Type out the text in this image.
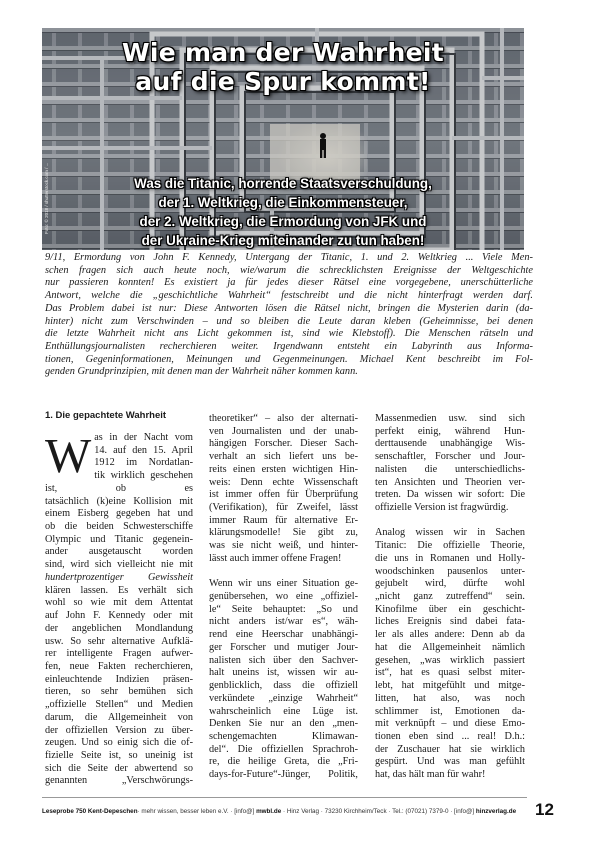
Wie man der Wahrheit
auf die Spur kommt!
Was die Titanic, horrende Staatsverschuldung,
der 1. Weltkrieg, die Einkommensteuer,
der 2. Weltkrieg, die Ermordung von JFK und
der Ukraine-Krieg miteinander zu tun haben!
Foto: © 2018 / shutterstock.com / ...

9/11, Ermordung von John F. Kennedy, Untergang der Titanic, 1. und 2. Weltkrieg ... Viele Men-
schen fragen sich auch heute noch, wie/warum die schrecklichsten Ereignisse der Weltgeschichte
nur passieren konnten! Es existiert ja für jedes dieser Rätsel eine vorgegebene, unerschütterliche
Antwort, welche die „geschichtliche Wahrheit“ festschreibt und die nicht hinterfragt werden darf.
Das Problem dabei ist nur: Diese Antworten lösen die Rätsel nicht, bringen die Mysterien darin (da-
hinter) nicht zum Verschwinden – und so bleiben die Leute daran kleben (Geheimnisse, bei denen
die letzte Wahrheit nicht ans Licht gekommen ist, sind wie Klebstoff). Die Menschen rätseln und
Enthüllungsjournalisten recherchieren weiter. Irgendwann entsteht ein Labyrinth aus Informa-
tionen, Gegeninformationen, Meinungen und Gegenmeinungen. Michael Kent beschreibt im Fol-
genden Grundprinzipien, mit denen man der Wahrheit näher kommen kann.

1. Die gepachtete Wahrheit
W as in der Nacht vom
14. auf den 15. April
1912 im Nordatlan-
tik wirklich geschehen ist, ob es
tatsächlich (k)eine Kollision mit
einem Eisberg gegeben hat und
ob die beiden Schwesterschiffe
Olympic und Titanic gegenein-
ander ausgetauscht worden
sind, wird sich vielleicht nie mit
hundertprozentiger Gewissheit
klären lassen. Es verhält sich
wohl so wie mit dem Attentat
auf John F. Kennedy oder mit
der angeblichen Mondlandung
usw. So sehr alternative Aufklä-
rer intelligente Fragen aufwer-
fen, neue Fakten recherchieren,
einleuchtende Indizien präsen-
tieren, so sehr bemühen sich
„offizielle Stellen“ und Medien
darum, die Allgemeinheit von
der offiziellen Version zu über-
zeugen. Und so einig sich die of-
fizielle Seite ist, so uneinig ist
sich die Seite der abwertend so
genannten „Verschwörungs-

theoretiker“ – also der alternati-
ven Journalisten und der unab-
hängigen Forscher. Dieser Sach-
verhalt an sich liefert uns be-
reits einen ersten wichtigen Hin-
weis: Denn echte Wissenschaft
ist immer offen für Überprüfung
(Verifikation), für Zweifel, lässt
immer Raum für alternative Er-
klärungsmodelle! Sie gibt zu,
was sie nicht weiß, und hinter-
lässt auch immer offene Fragen!

Wenn wir uns einer Situation ge-
genübersehen, wo eine „offiziel-
le“ Seite behauptet: „So und
nicht anders ist/war es“, wäh-
rend eine Heerschar unabhängi-
ger Forscher und mutiger Jour-
nalisten sich über den Sachver-
halt uneins ist, wissen wir au-
genblicklich, dass die offiziell
verkündete „einzige Wahrheit“
wahrscheinlich eine Lüge ist.
Denken Sie nur an den „men-
schengemachten Klimawan-
del“. Die offiziellen Sprachroh-
re, die heilige Greta, die „Fri-
days-for-Future“-Jünger, Politik,

Massenmedien usw. sind sich
perfekt einig, während Hun-
derttausende unabhängige Wis-
senschaftler, Forscher und Jour-
nalisten die unterschiedlichs-
ten Ansichten und Theorien ver-
treten. Da wissen wir sofort: Die
offizielle Version ist fragwürdig.

Analog wissen wir in Sachen
Titanic: Die offizielle Theorie,
die uns in Romanen und Holly-
woodschinken pausenlos unter-
gejubelt wird, dürfte wohl
„nicht ganz zutreffend“ sein.
Kinofilme über ein geschicht-
liches Ereignis sind dabei fata-
ler als alles andere: Denn ab da
hat die Allgemeinheit nämlich
gesehen, „was wirklich passiert
ist“, hat es quasi selbst miter-
lebt, hat mitgefühlt und mitge-
litten, hat also, was noch
schlimmer ist, Emotionen da-
mit verknüpft – und diese Emo-
tionen eben sind ... real! D.h.:
der Zuschauer hat sie wirklich
gespürt. Und was man gefühlt
hat, das hält man für wahr!

Leseprobe 750 Kent-Depeschen· mehr wissen, besser leben e.V. · [info@] mwbl.de · Hinz Verlag · 73230 Kirchheim/Teck · Tel.: (07021) 7379-0 · [info@] hinzverlag.de 12
